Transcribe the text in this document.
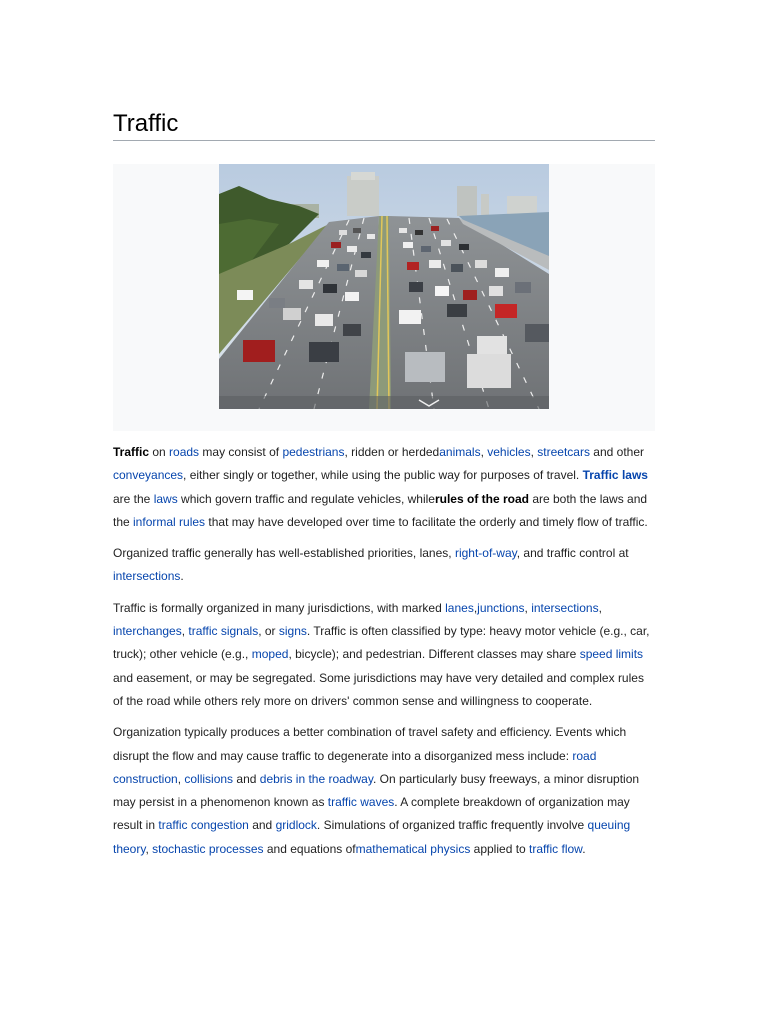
Traffic

Traffic on roads may consist of pedestrians, ridden or herdedanimals, vehicles, streetcars and other conveyances, either singly or together, while using the public way for purposes of travel. Traffic laws are the laws which govern traffic and regulate vehicles, whilerules of the road are both the laws and the informal rules that may have developed over time to facilitate the orderly and timely flow of traffic.

Organized traffic generally has well-established priorities, lanes, right-of-way, and traffic control at intersections.

Traffic is formally organized in many jurisdictions, with marked lanes,junctions, intersections, interchanges, traffic signals, or signs. Traffic is often classified by type: heavy motor vehicle (e.g., car, truck); other vehicle (e.g., moped, bicycle); and pedestrian. Different classes may share speed limits and easement, or may be segregated. Some jurisdictions may have very detailed and complex rules of the road while others rely more on drivers' common sense and willingness to cooperate.

Organization typically produces a better combination of travel safety and efficiency. Events which disrupt the flow and may cause traffic to degenerate into a disorganized mess include: road construction, collisions and debris in the roadway. On particularly busy freeways, a minor disruption may persist in a phenomenon known as traffic waves. A complete breakdown of organization may result in traffic congestion and gridlock. Simulations of organized traffic frequently involve queuing theory, stochastic processes and equations ofmathematical physics applied to traffic flow.
